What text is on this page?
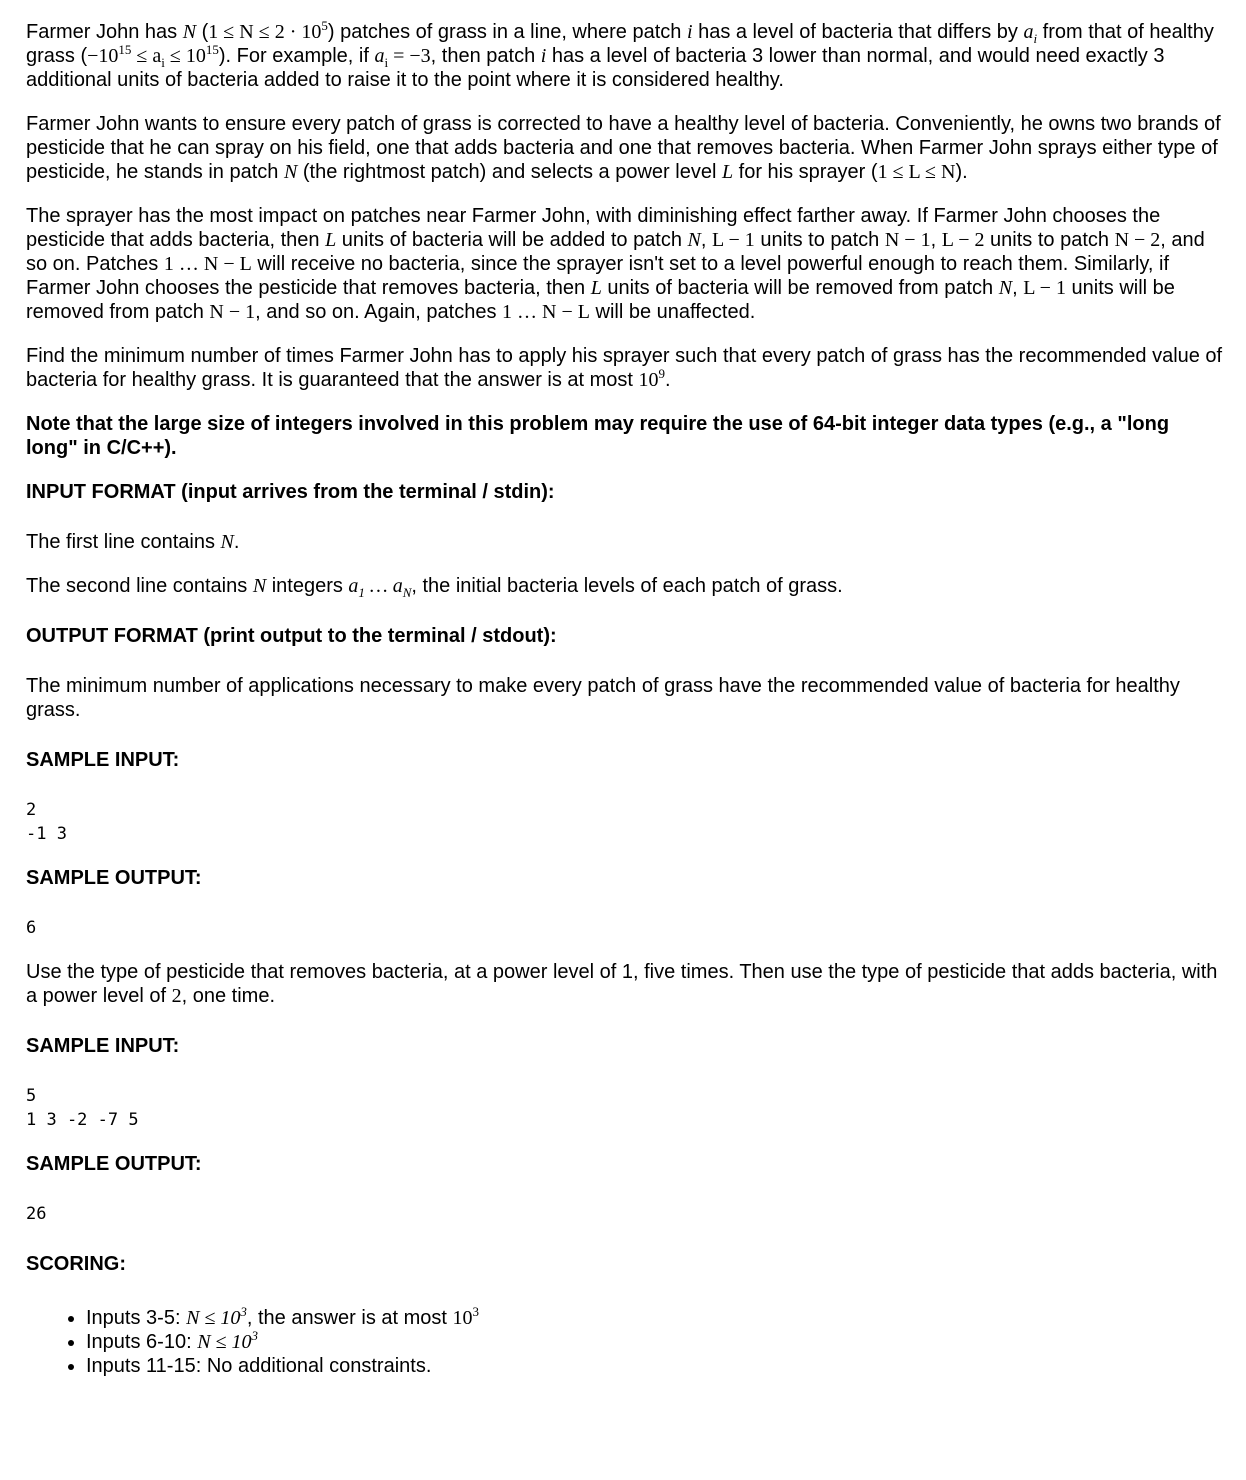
Farmer John has N $(1 \le N \le 2 \cdot 10^5)$ patches of grass in a line, where patch i has a level of bacteria that differs by $a_i$ from that of healthy grass $(-10^{15} \le a_i \le 10^{15})$. For example, if $a_i = -3$, then patch i has a level of bacteria 3 lower than normal, and would need exactly 3 additional units of bacteria added to raise it to the point where it is considered healthy.

Farmer John wants to ensure every patch of grass is corrected to have a healthy level of bacteria. Conveniently, he owns two brands of pesticide that he can spray on his field, one that adds bacteria and one that removes bacteria. When Farmer John sprays either type of pesticide, he stands in patch N (the rightmost patch) and selects a power level L for his sprayer (1 ≤ L ≤ N).

The sprayer has the most impact on patches near Farmer John, with diminishing effect farther away. If Farmer John chooses the pesticide that adds bacteria, then L units of bacteria will be added to patch N, L − 1 units to patch N − 1, L − 2 units to patch N − 2, and so on. Patches 1 … N − L will receive no bacteria, since the sprayer isn't set to a level powerful enough to reach them. Similarly, if Farmer John chooses the pesticide that removes bacteria, then L units of bacteria will be removed from patch N, L − 1 units will be removed from patch N − 1, and so on. Again, patches 1 … N − L will be unaffected.

Find the minimum number of times Farmer John has to apply his sprayer such that every patch of grass has the recommended value of bacteria for healthy grass. It is guaranteed that the answer is at most $10^9$.

Note that the large size of integers involved in this problem may require the use of 64-bit integer data types (e.g., a "long long" in C/C++).

INPUT FORMAT (input arrives from the terminal / stdin):

The first line contains N.

The second line contains N integers $a_1$ … $a_N$, the initial bacteria levels of each patch of grass.

OUTPUT FORMAT (print output to the terminal / stdout):

The minimum number of applications necessary to make every patch of grass have the recommended value of bacteria for healthy grass.

SAMPLE INPUT:
2
-1 3
SAMPLE OUTPUT:
6

Use the type of pesticide that removes bacteria, at a power level of 1, five times. Then use the type of pesticide that adds bacteria, with a power level of 2, one time.

SAMPLE INPUT:
5
1 3 -2 -7 5
SAMPLE OUTPUT:
26
SCORING:
• Inputs 3-5: $N \le 10^3$, the answer is at most $10^3$
• Inputs 6-10: $N \le 10^3$
• Inputs 11-15: No additional constraints.
